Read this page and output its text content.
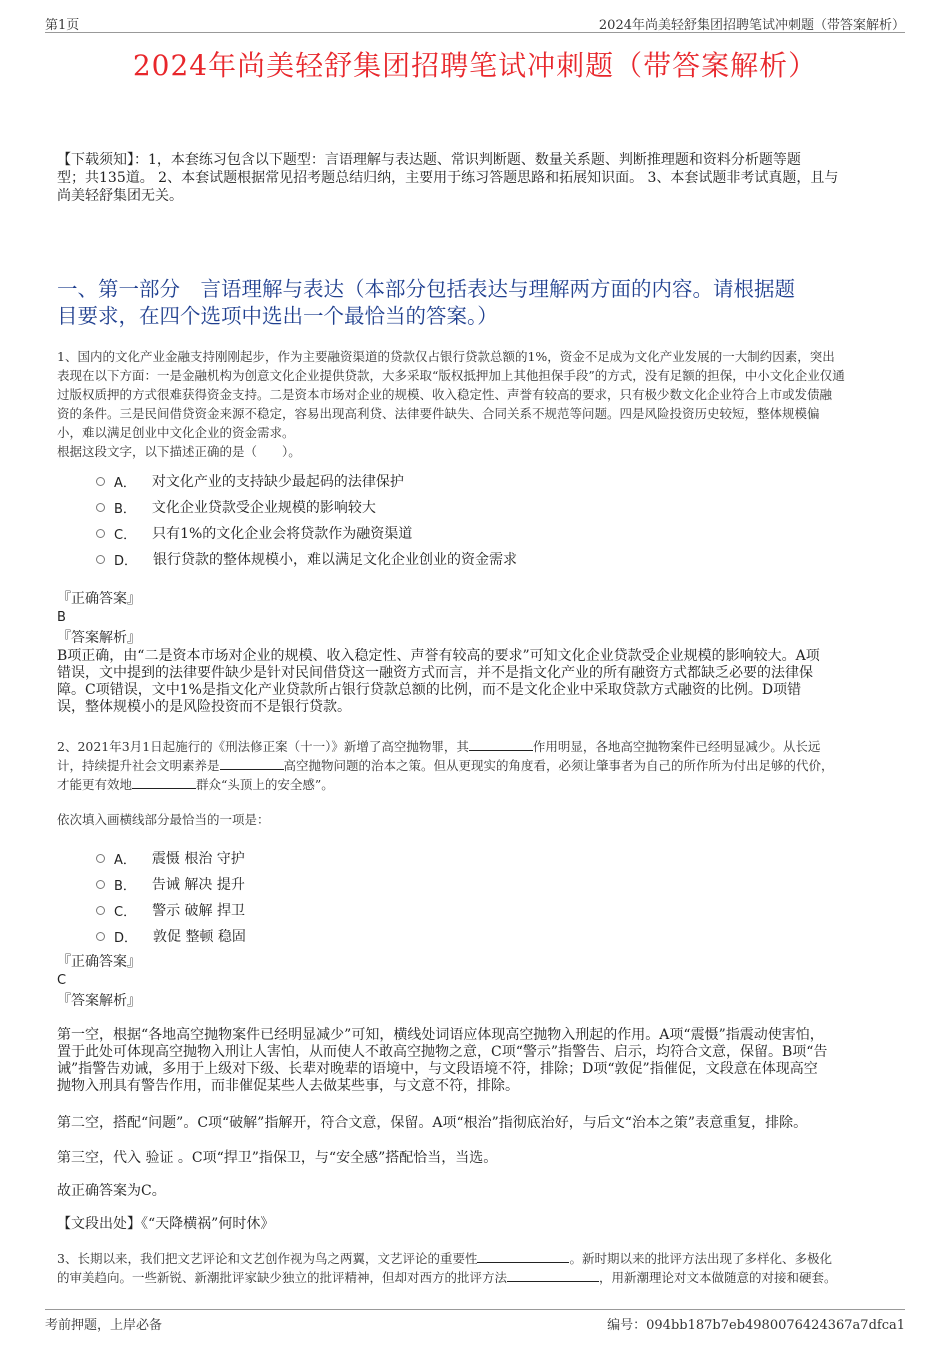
第1页	2024年尚美轻舒集团招聘笔试冲刺题（带答案解析）
2024年尚美轻舒集团招聘笔试冲刺题（带答案解析）
【下载须知】：1，本套练习包含以下题型：言语理解与表达题、常识判断题、数量关系题、判断推理题和资料分析题等题
型；共135道。 2、本套试题根据常见招考题总结归纳，主要用于练习答题思路和拓展知识面。 3、本套试题非考试真题，且与
尚美轻舒集团无关。
一、第一部分　言语理解与表达（本部分包括表达与理解两方面的内容。请根据题
目要求，在四个选项中选出一个最恰当的答案。）
1、国内的文化产业金融支持刚刚起步，作为主要融资渠道的贷款仅占银行贷款总额的1%，资金不足成为文化产业发展的一大制约因素，突出
表现在以下方面：一是金融机构为创意文化企业提供贷款，大多采取“版权抵押加上其他担保手段”的方式，没有足额的担保，中小文化企业仅通
过版权质押的方式很难获得资金支持。二是资本市场对企业的规模、收入稳定性、声誉有较高的要求，只有极少数文化企业符合上市或发债融
资的条件。三是民间借贷资金来源不稳定，容易出现高利贷、法律要件缺失、合同关系不规范等问题。四是风险投资历史较短，整体规模偏
小，难以满足创业中文化企业的资金需求。
根据这段文字，以下描述正确的是（　　）。
A． 对文化产业的支持缺少最起码的法律保护
B． 文化企业贷款受企业规模的影响较大
C． 只有1%的文化企业会将贷款作为融资渠道
D． 银行贷款的整体规模小，难以满足文化企业创业的资金需求
『正确答案』
B
『答案解析』
B项正确，由“二是资本市场对企业的规模、收入稳定性、声誉有较高的要求”可知文化企业贷款受企业规模的影响较大。A项
错误，文中提到的法律要件缺少是针对民间借贷这一融资方式而言，并不是指文化产业的所有融资方式都缺乏必要的法律保
障。C项错误，文中1%是指文化产业贷款所占银行贷款总额的比例，而不是文化企业中采取贷款方式融资的比例。D项错
误，整体规模小的是风险投资而不是银行贷款。
2、2021年3月1日起施行的《刑法修正案（十一）》新增了高空抛物罪，其	作用明显，各地高空抛物案件已经明显减少。从长远
计，持续提升社会文明素养是	高空抛物问题的治本之策。但从更现实的角度看，必须让肇事者为自己的所作所为付出足够的代价，
才能更有效地	群众“头顶上的安全感”。
依次填入画横线部分最恰当的一项是：
A． 震慑 根治 守护
B． 告诫 解决 提升
C． 警示 破解 捍卫
D． 敦促 整顿 稳固
『正确答案』
C
『答案解析』
第一空，根据“各地高空抛物案件已经明显减少”可知，横线处词语应体现高空抛物入刑起的作用。A项“震慑”指震动使害怕，
置于此处可体现高空抛物入刑让人害怕，从而使人不敢高空抛物之意，C项“警示”指警告、启示，均符合文意，保留。B项“告
诫”指警告劝诫，多用于上级对下级、长辈对晚辈的语境中，与文段语境不符，排除；D项“敦促”指催促，文段意在体现高空
抛物入刑具有警告作用，而非催促某些人去做某些事，与文意不符，排除。
第二空，搭配“问题”。C项“破解”指解开，符合文意，保留。A项“根治”指彻底治好，与后文“治本之策”表意重复，排除。
第三空，代入 验证 。C项“捍卫”指保卫，与“安全感”搭配恰当，当选。
故正确答案为C。
【文段出处】《“天降横祸”何时休》
3、长期以来，我们把文艺评论和文艺创作视为鸟之两翼，文艺评论的重要性	。新时期以来的批评方法出现了多样化、多极化
的审美趋向。一些新锐、新潮批评家缺少独立的批评精神，但却对西方的批评方法	，用新潮理论对文本做随意的对接和硬套。
考前押题，上岸必备	编号：094bb187b7eb4980076424367a7dfca1
